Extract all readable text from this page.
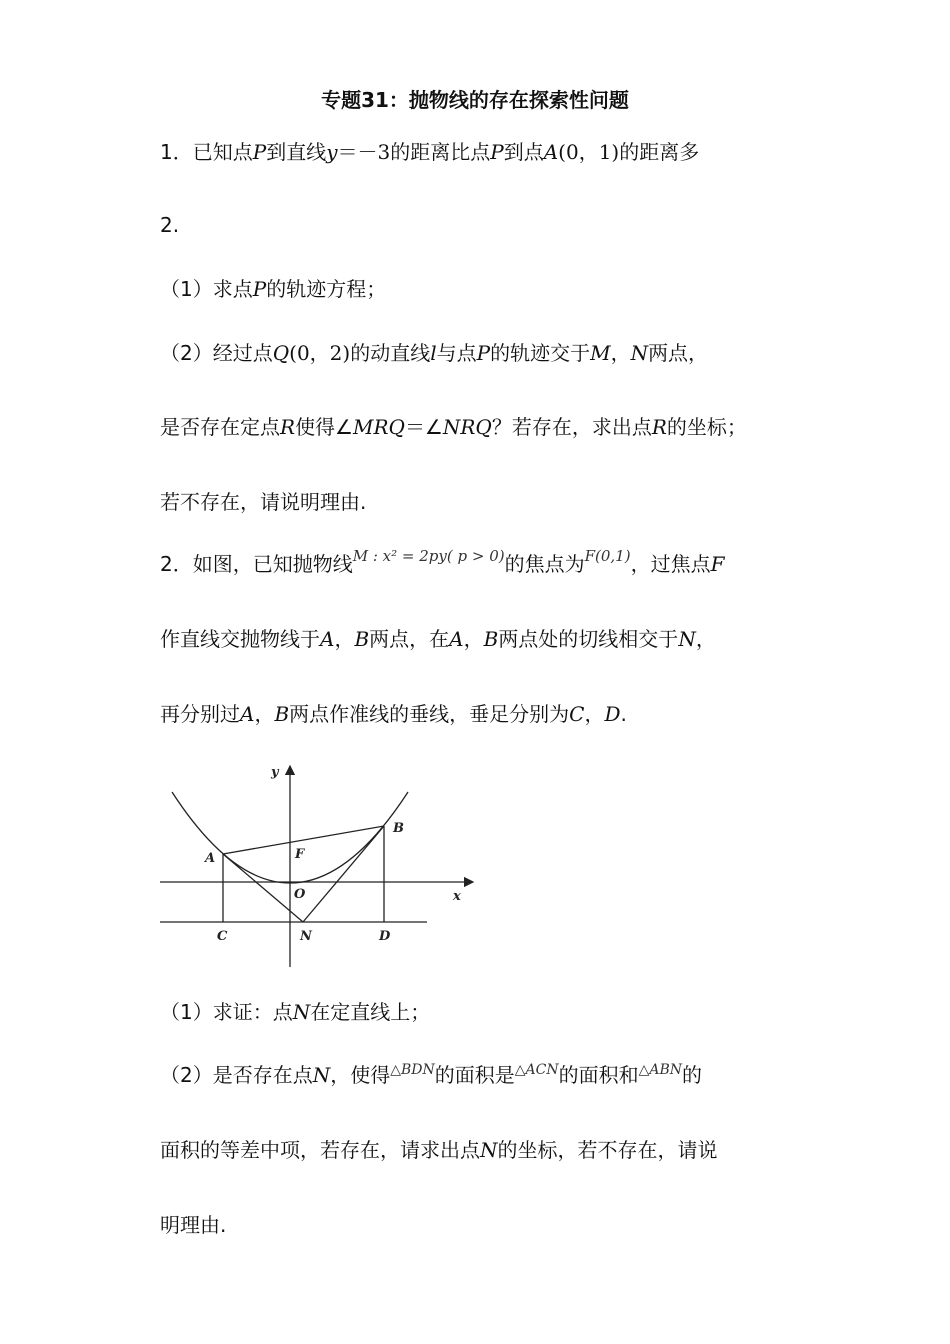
专题31：抛物线的存在探索性问题
1．已知点P到直线y＝－3的距离比点P到点A(0，1)的距离多
2.
（1）求点P的轨迹方程；
（2）经过点Q(0，2)的动直线l与点P的轨迹交于M，N两点，
是否存在定点R使得∠MRQ＝∠NRQ？若存在，求出点R的坐标；
若不存在，请说明理由.
2．如图，已知抛物线$^{M : x^2 = 2py( p > 0)}$的焦点为$^{F(0,1)}$，过焦点F
作直线交抛物线于A，B两点，在A，B两点处的切线相交于N，
再分别过A，B两点作准线的垂线，垂足分别为C，D.
y
x
A
B
F
O
C	N	D
（1）求证：点N在定直线上；
（2）是否存在点N，使得$^{\triangle BDN}$的面积是$^{\triangle ACN}$的面积和$^{\triangle ABN}$的
面积的等差中项，若存在，请求出点N的坐标，若不存在，请说
明理由.
